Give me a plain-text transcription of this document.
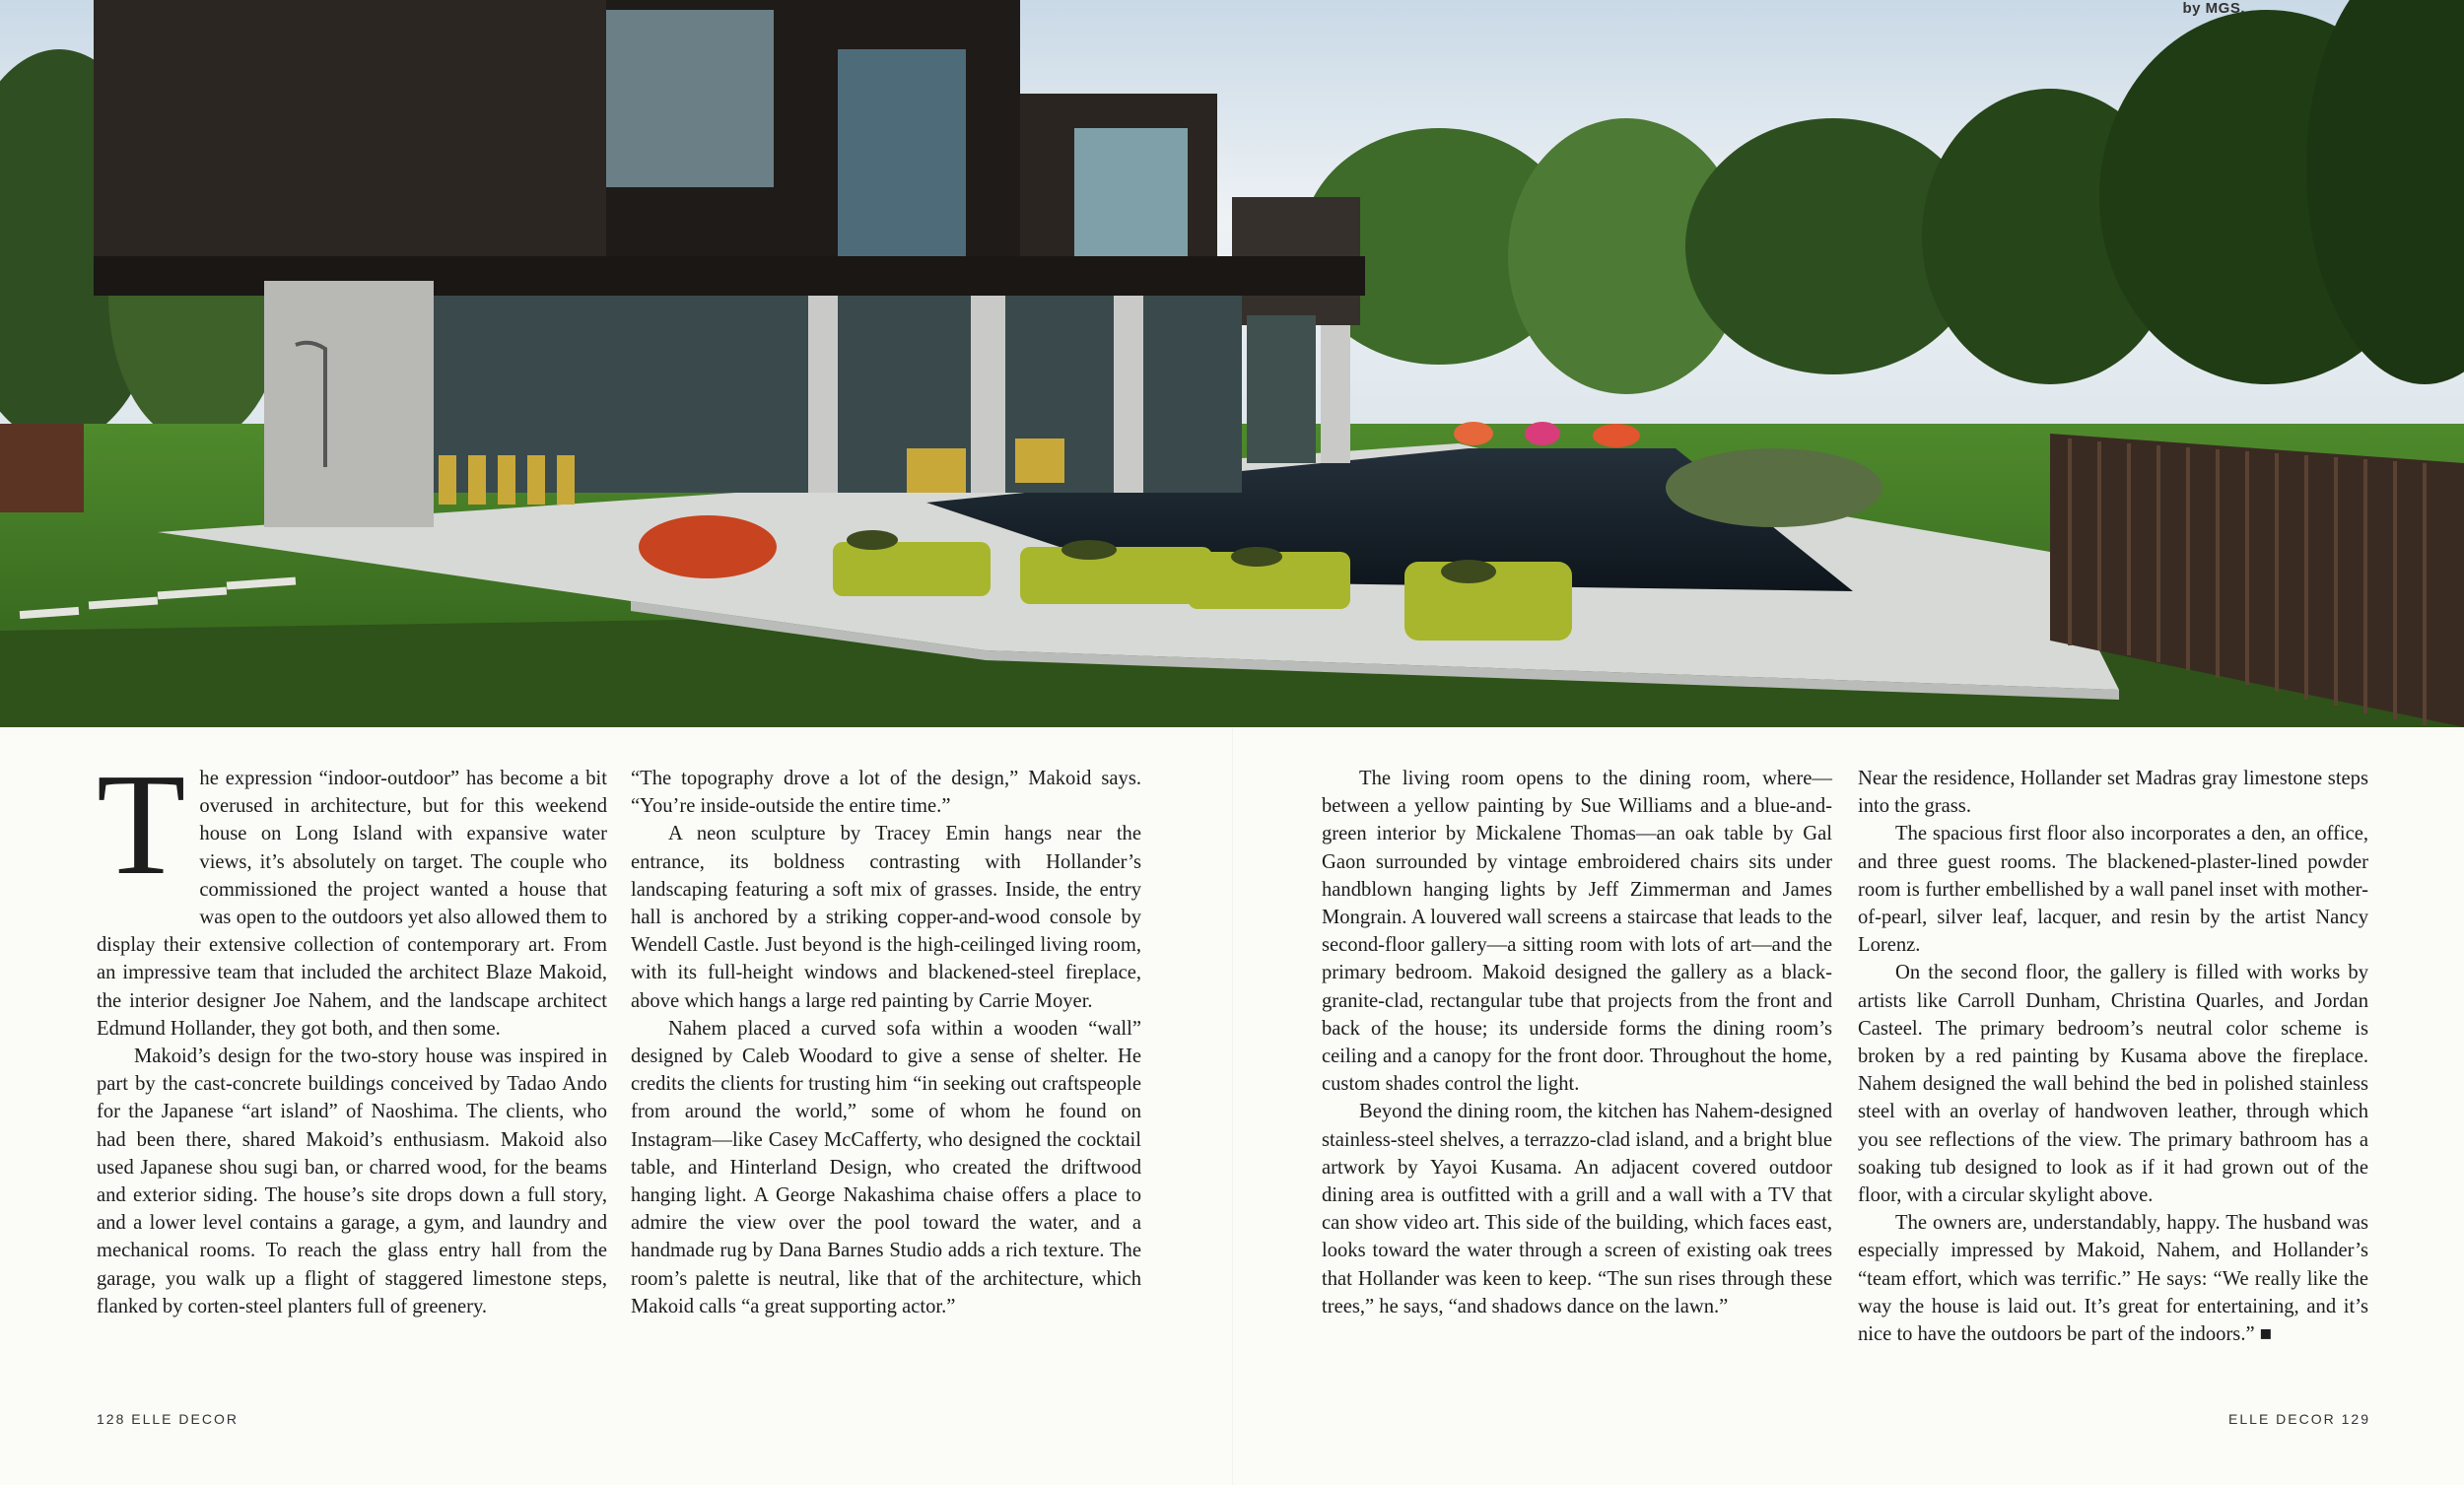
by MGS.

The expression “indoor-outdoor” has become a bit overused in architecture, but for this weekend house on Long Island with expansive water views, it’s absolutely on target. The couple who commissioned the project wanted a house that was open to the outdoors yet also allowed them to display their extensive collection of contemporary art. From an impressive team that included the architect Blaze Makoid, the interior designer Joe Nahem, and the landscape architect Edmund Hollander, they got both, and then some.

Makoid’s design for the two-story house was inspired in part by the cast-concrete buildings conceived by Tadao Ando for the Japanese “art island” of Naoshima. The clients, who had been there, shared Makoid’s enthusiasm. Makoid also used Japanese shou sugi ban, or charred wood, for the beams and exterior siding. The house’s site drops down a full story, and a lower level contains a garage, a gym, and laundry and mechanical rooms. To reach the glass entry hall from the garage, you walk up a flight of staggered limestone steps, flanked by corten-steel planters full of greenery.

“The topography drove a lot of the design,” Makoid says. “You’re inside-outside the entire time.”

A neon sculpture by Tracey Emin hangs near the entrance, its boldness contrasting with Hollander’s landscaping featuring a soft mix of grasses. Inside, the entry hall is anchored by a striking copper-and-wood console by Wendell Castle. Just beyond is the high-ceilinged living room, with its full-height windows and blackened-steel fireplace, above which hangs a large red painting by Carrie Moyer.

Nahem placed a curved sofa within a wooden “wall” designed by Caleb Woodard to give a sense of shelter. He credits the clients for trusting him “in seeking out craftspeople from around the world,” some of whom he found on Instagram—like Casey McCafferty, who designed the cocktail table, and Hinterland Design, who created the driftwood hanging light. A George Nakashima chaise offers a place to admire the view over the pool toward the water, and a handmade rug by Dana Barnes Studio adds a rich texture. The room’s palette is neutral, like that of the architecture, which Makoid calls “a great supporting actor.”

The living room opens to the dining room, where—between a yellow painting by Sue Williams and a blue-and-green interior by Mickalene Thomas—an oak table by Gal Gaon surrounded by vintage embroidered chairs sits under handblown hanging lights by Jeff Zimmerman and James Mongrain. A louvered wall screens a staircase that leads to the second-floor gallery—a sitting room with lots of art—and the primary bedroom. Makoid designed the gallery as a black-granite-clad, rectangular tube that projects from the front and back of the house; its underside forms the dining room’s ceiling and a canopy for the front door. Throughout the home, custom shades control the light.

Beyond the dining room, the kitchen has Nahem-designed stainless-steel shelves, a terrazzo-clad island, and a bright blue artwork by Yayoi Kusama. An adjacent covered outdoor dining area is outfitted with a grill and a wall with a TV that can show video art. This side of the building, which faces east, looks toward the water through a screen of existing oak trees that Hollander was keen to keep. “The sun rises through these trees,” he says, “and shadows dance on the lawn.”

Near the residence, Hollander set Madras gray limestone steps into the grass.

The spacious first floor also incorporates a den, an office, and three guest rooms. The blackened-plaster-lined powder room is further embellished by a wall panel inset with mother-of-pearl, silver leaf, lacquer, and resin by the artist Nancy Lorenz.

On the second floor, the gallery is filled with works by artists like Carroll Dunham, Christina Quarles, and Jordan Casteel. The primary bedroom’s neutral color scheme is broken by a red painting by Kusama above the fireplace. Nahem designed the wall behind the bed in polished stainless steel with an overlay of handwoven leather, through which you see reflections of the view. The primary bathroom has a soaking tub designed to look as if it had grown out of the floor, with a circular skylight above.

The owners are, understandably, happy. The husband was especially impressed by Makoid, Nahem, and Hollander’s “team effort, which was terrific.” He says: “We really like the way the house is laid out. It’s great for entertaining, and it’s nice to have the outdoors be part of the indoors.” ■

128 ELLE DECOR	ELLE DECOR 129
